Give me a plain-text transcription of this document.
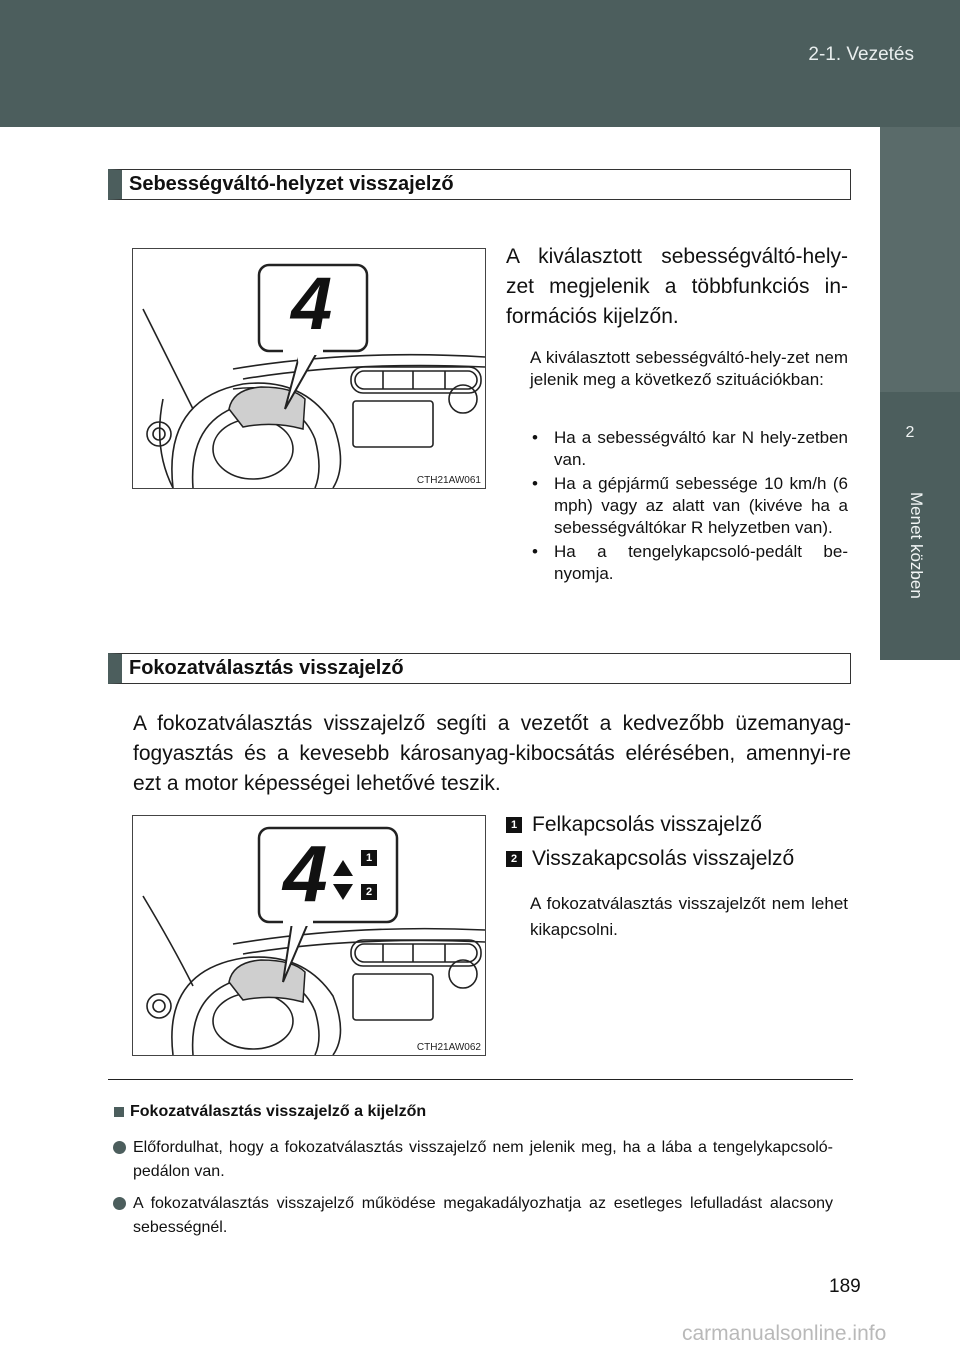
2-1. Vezetés
2
Menet közben
Sebességváltó-helyzet visszajelző
4
CTH21AW061
A kiválasztott sebességváltó-hely-zet megjelenik a többfunkciós in-formációs kijelzőn.
A kiválasztott sebességváltó-hely-zet nem jelenik meg a következő szituációkban:
• Ha a sebességváltó kar N hely-zetben van.
• Ha a gépjármű sebessége 10 km/h (6 mph) vagy az alatt van (kivéve ha a sebességváltókar R helyzetben van).
• Ha a tengelykapcsoló-pedált be-nyomja.
Fokozatválasztás visszajelző
A fokozatválasztás visszajelző segíti a vezetőt a kedvezőbb üzemanyag-fogyasztás és a kevesebb károsanyag-kibocsátás elérésében, amennyi-re ezt a motor képességei lehetővé teszik.
4	1
2
CTH21AW062
1 Felkapcsolás visszajelző
2 Visszakapcsolás visszajelző
A fokozatválasztás visszajelzőt nem lehet kikapcsolni.
Fokozatválasztás visszajelző a kijelzőn
Előfordulhat, hogy a fokozatválasztás visszajelző nem jelenik meg, ha a lába a tengelykapcsoló-pedálon van.
A fokozatválasztás visszajelző működése megakadályozhatja az esetleges lefulladást alacsony sebességnél.
189
carmanualsonline.info
